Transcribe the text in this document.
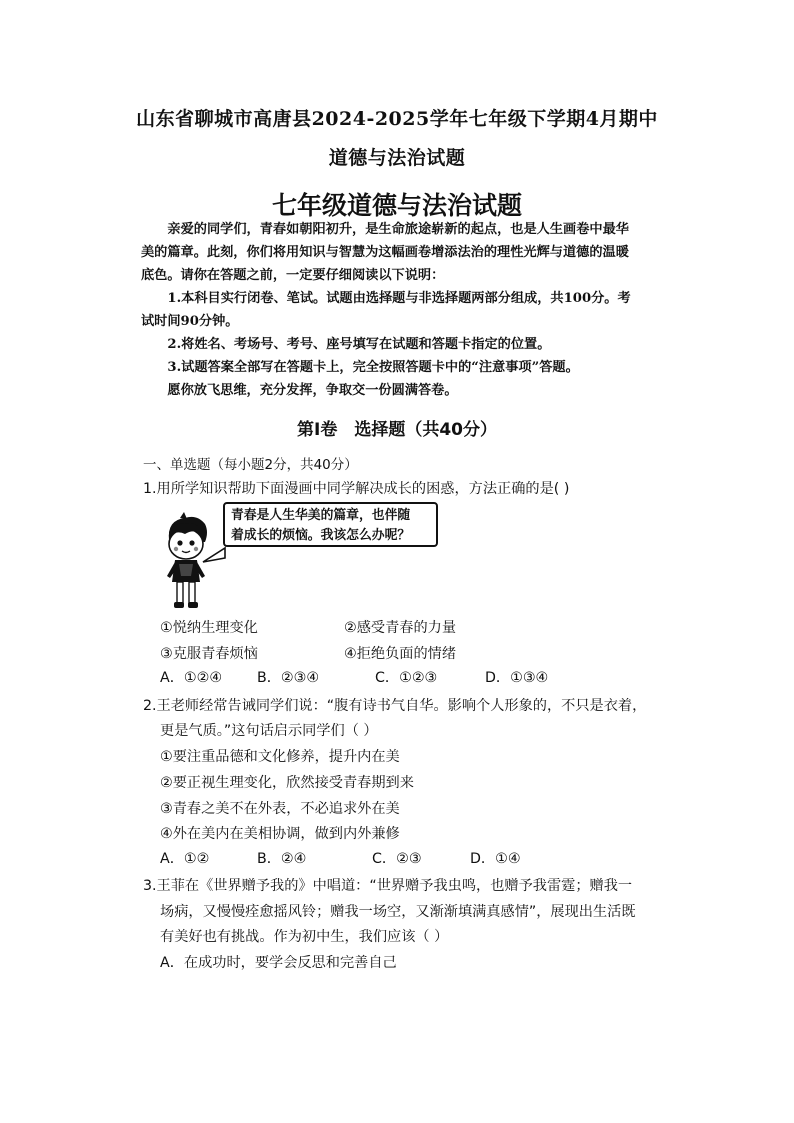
山东省聊城市高唐县2024-2025学年七年级下学期4月期中
道德与法治试题
七年级道德与法治试题
亲爱的同学们，青春如朝阳初升，是生命旅途崭新的起点，也是人生画卷中最华
美的篇章。此刻，你们将用知识与智慧为这幅画卷增添法治的理性光辉与道德的温暖
底色。请你在答题之前，一定要仔细阅读以下说明：
1.本科目实行闭卷、笔试。试题由选择题与非选择题两部分组成，共100分。考
试时间90分钟。
2.将姓名、考场号、考号、座号填写在试题和答题卡指定的位置。
3.试题答案全部写在答题卡上，完全按照答题卡中的“注意事项”答题。
愿你放飞思维，充分发挥，争取交一份圆满答卷。
第Ⅰ卷　选择题（共40分）
一、单选题（每小题2分，共40分）
1.用所学知识帮助下面漫画中同学解决成长的困惑，方法正确的是( )
青春是人生华美的篇章，也伴随
着成长的烦恼。我该怎么办呢？
①悦纳生理变化	②感受青春的力量
③克服青春烦恼	④拒绝负面的情绪
A．①②④ B．②③④	C．①②③	D．①③④
2.王老师经常告诫同学们说：“腹有诗书气自华。影响个人形象的，不只是衣着，
更是气质。”这句话启示同学们（ ）
①要注重品德和文化修养，提升内在美
②要正视生理变化，欣然接受青春期到来
③青春之美不在外表，不必追求外在美
④外在美内在美相协调，做到内外兼修
A．①②	B．②④	C．②③	D．①④
3.王菲在《世界赠予我的》中唱道：“世界赠予我虫鸣，也赠予我雷霆；赠我一
场病，又慢慢痊愈摇风铃；赠我一场空，又渐渐填满真感情”，展现出生活既
有美好也有挑战。作为初中生，我们应该（ ）
A．在成功时，要学会反思和完善自己
